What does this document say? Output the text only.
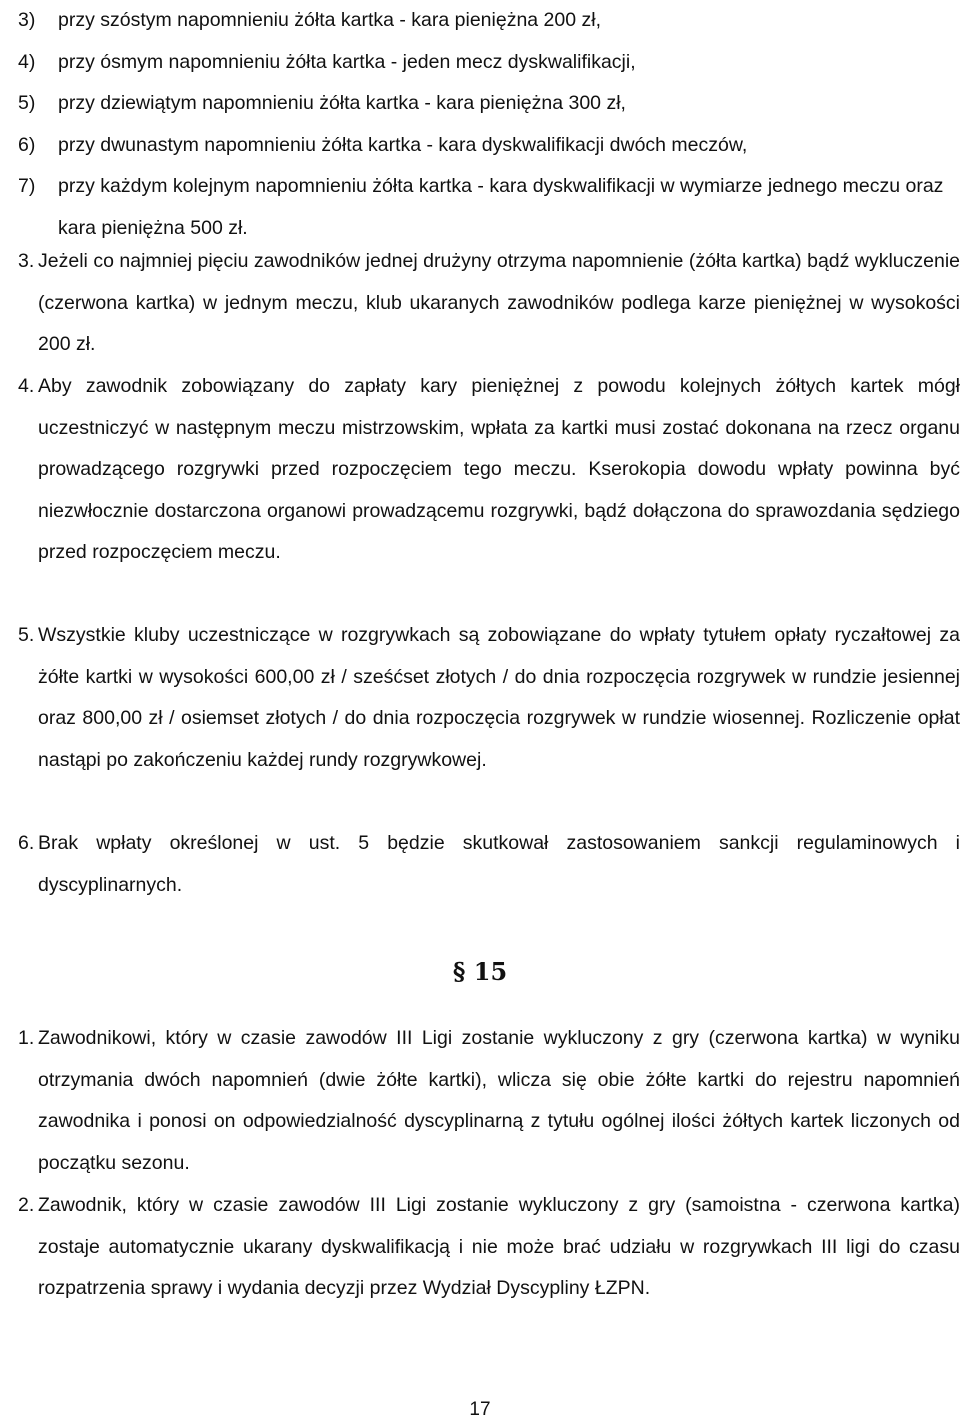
3) przy szóstym napomnieniu żółta kartka - kara pieniężna 200 zł,
4) przy ósmym napomnieniu żółta kartka - jeden mecz dyskwalifikacji,
5) przy dziewiątym napomnieniu żółta kartka - kara pieniężna 300 zł,
6) przy dwunastym napomnieniu żółta kartka - kara dyskwalifikacji dwóch meczów,
7) przy każdym kolejnym napomnieniu żółta kartka - kara dyskwalifikacji w wymiarze jednego meczu oraz kara pieniężna 500 zł.
3. Jeżeli co najmniej pięciu zawodników jednej drużyny otrzyma napomnienie (żółta kartka) bądź wykluczenie (czerwona kartka) w jednym meczu, klub ukaranych zawodników podlega karze pieniężnej w wysokości 200 zł.
4. Aby zawodnik zobowiązany do zapłaty kary pieniężnej z powodu kolejnych żółtych kartek mógł uczestniczyć w następnym meczu mistrzowskim, wpłata za kartki musi zostać dokonana na rzecz organu prowadzącego rozgrywki przed rozpoczęciem tego meczu. Kserokopia dowodu wpłaty powinna być niezwłocznie dostarczona organowi prowadzącemu rozgrywki, bądź dołączona do sprawozdania sędziego przed rozpoczęciem meczu.
5. Wszystkie kluby uczestniczące w rozgrywkach są zobowiązane do wpłaty tytułem opłaty ryczałtowej za żółte kartki w wysokości 600,00 zł / sześćset złotych / do dnia rozpoczęcia rozgrywek w rundzie jesiennej oraz 800,00 zł / osiemset złotych / do dnia rozpoczęcia rozgrywek w rundzie wiosennej. Rozliczenie opłat nastąpi po zakończeniu każdej rundy rozgrywkowej.
6. Brak wpłaty określonej w ust. 5 będzie skutkował zastosowaniem sankcji regulaminowych i dyscyplinarnych.
§ 15
1. Zawodnikowi, który w czasie zawodów III Ligi zostanie wykluczony z gry (czerwona kartka) w wyniku otrzymania dwóch napomnień (dwie żółte kartki), wlicza się obie żółte kartki do rejestru napomnień zawodnika i ponosi on odpowiedzialność dyscyplinarną z tytułu ogólnej ilości żółtych kartek liczonych od początku sezonu.
2. Zawodnik, który w czasie zawodów III Ligi zostanie wykluczony z gry (samoistna - czerwona kartka) zostaje automatycznie ukarany dyskwalifikacją i nie może brać udziału w rozgrywkach III ligi do czasu rozpatrzenia sprawy i wydania decyzji przez Wydział Dyscypliny ŁZPN.
17
